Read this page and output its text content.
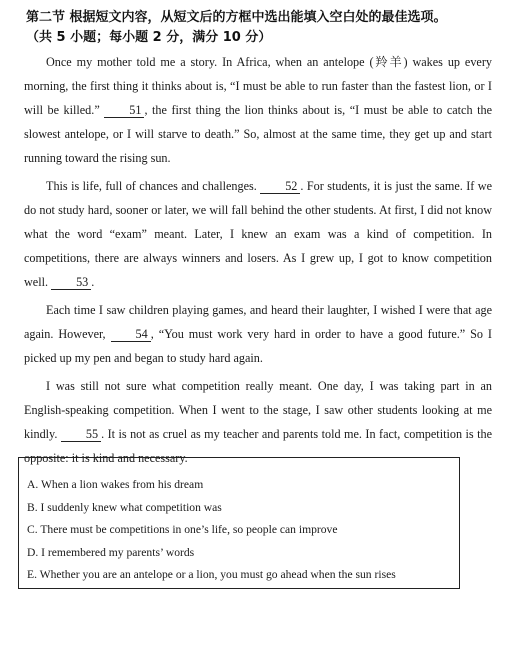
第二节 根据短文内容，从短文后的方框中选出能填入空白处的最佳选项。
（共 5 小题；每小题 2 分，满分 10 分）

Once my mother told me a story. In Africa, when an antelope (羚羊) wakes up every morning, the first thing it thinks about is, “I must be able to run faster than the fastest lion, or I will be killed.” 51 , the first thing the lion thinks about is, “I must be able to catch the slowest antelope, or I will starve to death.” So, almost at the same time, they get up and start running toward the rising sun.

This is life, full of chances and challenges. 52 . For students, it is just the same. If we do not study hard, sooner or later, we will fall behind the other students. At first, I did not know what the word “exam” meant. Later, I knew an exam was a kind of competition. In competitions, there are always winners and losers. As I grew up, I got to know competition well. 53 .

Each time I saw children playing games, and heard their laughter, I wished I were that age again. However, 54 , “You must work very hard in order to have a good future.” So I picked up my pen and began to study hard again.

I was still not sure what competition really meant. One day, I was taking part in an English-speaking competition. When I went to the stage, I saw other students looking at me kindly. 55 . It is not as cruel as my teacher and parents told me. In fact, competition is the opposite: it is kind and necessary.

A. When a lion wakes from his dream
B. I suddenly knew what competition was
C. There must be competitions in one’s life, so people can improve
D. I remembered my parents’ words
E. Whether you are an antelope or a lion, you must go ahead when the sun rises
